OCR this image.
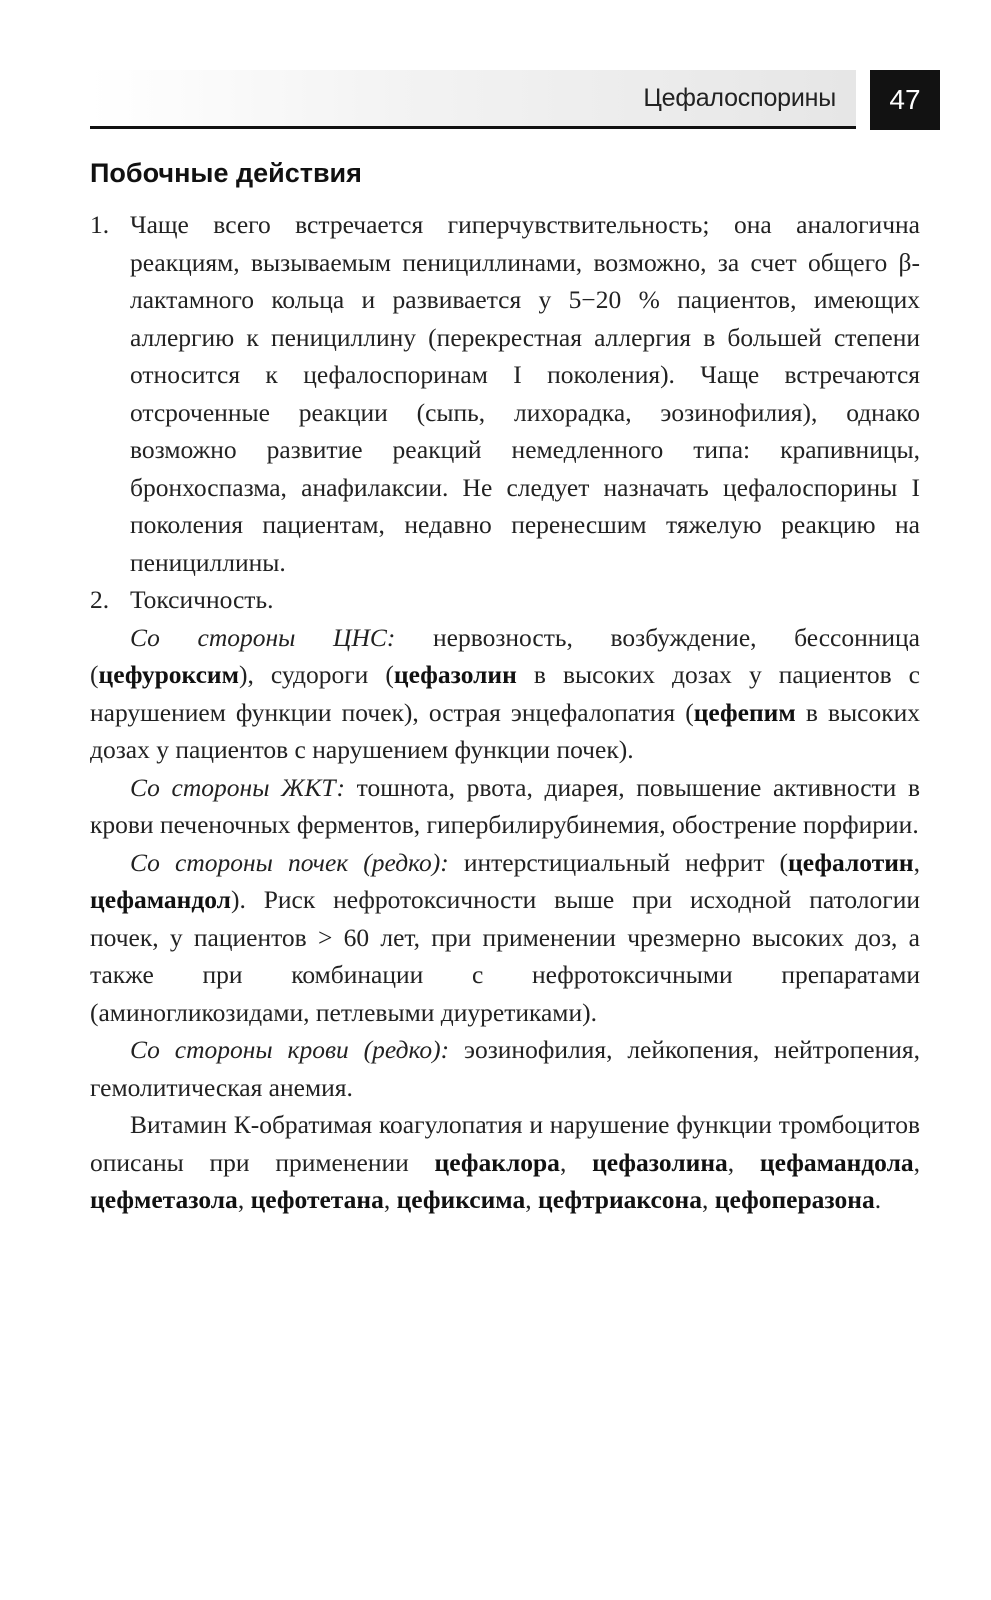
Цефалоспорины	47
Побочные действия

1. Чаще всего встречается гиперчувствительность; она аналогична реакциям, вызываемым пенициллинами, возможно, за счет общего β-лактамного кольца и развивается у 5−20 % пациентов, имеющих аллергию к пенициллину (перекрестная аллергия в большей степени относится к цефалоспоринам I поколения). Чаще встречаются отсроченные реакции (сыпь, лихорадка, эозинофилия), однако возможно развитие реакций немедленного типа: крапивницы, бронхоспазма, анафилаксии. Не следует назначать цефалоспорины I поколения пациентам, недавно перенесшим тяжелую реакцию на пенициллины.

2. Токсичность.

Со стороны ЦНС: нервозность, возбуждение, бессонница (цефуроксим), судороги (цефазолин в высоких дозах у пациентов с нарушением функции почек), острая энцефалопатия (цефепим в высоких дозах у пациентов с нарушением функции почек).

Со стороны ЖКТ: тошнота, рвота, диарея, повышение активности в крови печеночных ферментов, гипербилирубинемия, обострение порфирии.

Со стороны почек (редко): интерстициальный нефрит (цефалотин, цефамандол). Риск нефротоксичности выше при исходной патологии почек, у пациентов > 60 лет, при применении чрезмерно высоких доз, а также при комбинации с нефротоксичными препаратами (аминогликозидами, петлевыми диуретиками).

Со стороны крови (редко): эозинофилия, лейкопения, нейтропения, гемолитическая анемия.

Витамин К-обратимая коагулопатия и нарушение функции тромбоцитов описаны при применении цефаклора, цефазолина, цефамандола, цефметазола, цефотетана, цефиксима, цефтриаксона, цефоперазона.
